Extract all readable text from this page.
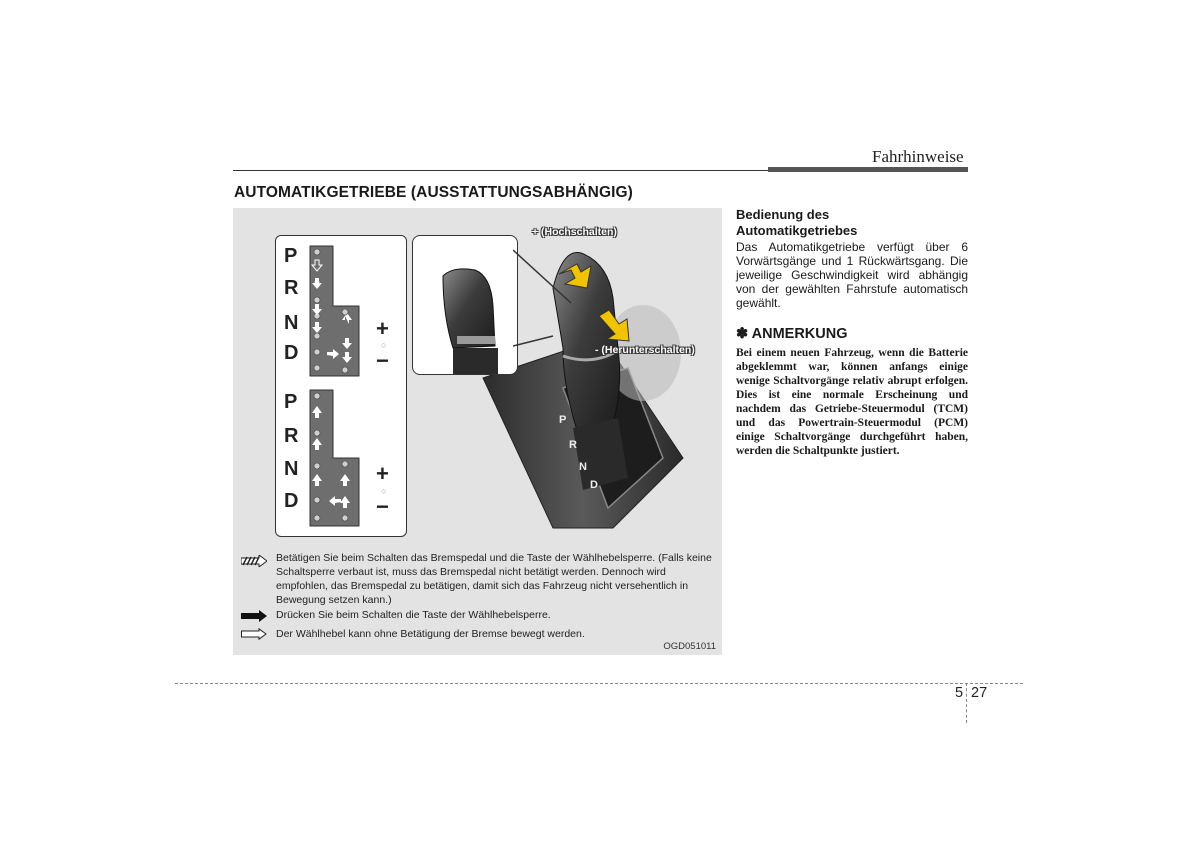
Fahrhinweise
AUTOMATIKGETRIEBE (AUSSTATTUNGSABHÄNGIG)
P
R
N
D
+
○
−
P
R
N
D
+
○
−
P
R
N
D
+ (Hochschalten)
- (Herunterschalten)
Betätigen Sie beim Schalten das Bremspedal und die Taste der Wählhebelsperre. (Falls keine Schaltsperre verbaut ist, muss das Bremspedal nicht betätigt werden. Dennoch wird empfohlen, das Bremspedal zu betätigen, damit sich das Fahrzeug nicht versehentlich in Bewegung setzen kann.)
Drücken Sie beim Schalten die Taste der Wählhebelsperre.
Der Wählhebel kann ohne Betätigung der Bremse bewegt werden.
OGD051011
Bedienung des Automatikgetriebes
Das Automatikgetriebe verfügt über 6 Vorwärtsgänge und 1 Rückwärtsgang. Die jeweilige Geschwindigkeit wird abhängig von der gewählten Fahrstufe automatisch gewählt.
✽ ANMERKUNG
Bei einem neuen Fahrzeug, wenn die Batterie abgeklemmt war, können anfangs einige wenige Schaltvorgänge relativ abrupt erfolgen. Dies ist eine normale Erscheinung und nachdem das Getriebe-Steuermodul (TCM) und das Powertrain-Steuermodul (PCM) einige Schaltvorgänge durchgeführt haben, werden die Schaltpunkte justiert.
5 27
